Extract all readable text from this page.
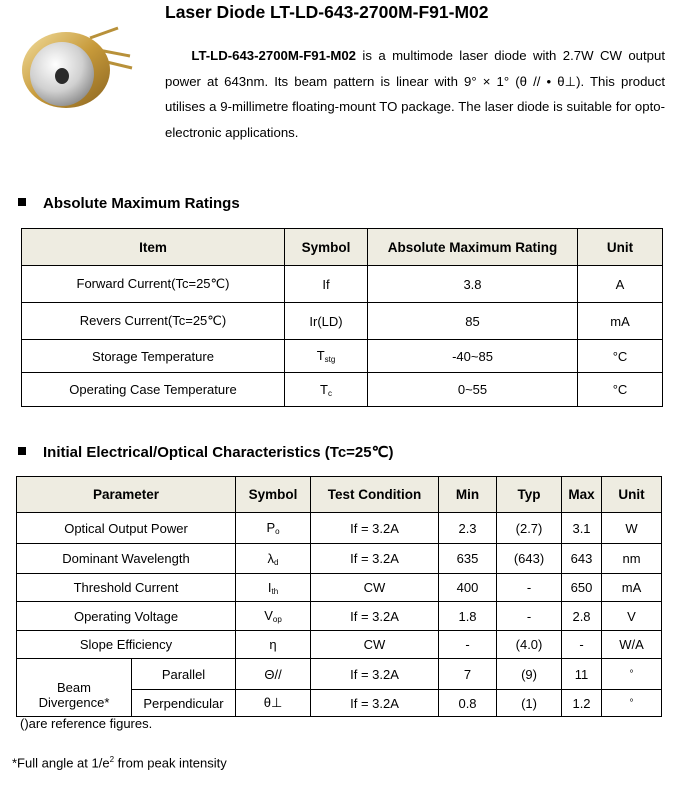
Laser Diode LT-LD-643-2700M-F91-M02
  LT-LD-643-2700M-F91-M02 is a multimode laser diode with 2.7W CW output power at 643nm. Its beam pattern is linear with 9° × 1° (θ // • θ⊥). This product utilises a 9-millimetre floating-mount TO package. The laser diode is suitable for opto-electronic applications.
Absolute Maximum Ratings
Item	Symbol	Absolute Maximum Rating	Unit
Forward Current(Tc=25℃)	If	3.8	A
Revers Current(Tc=25℃)	Ir(LD)	85	mA
Storage Temperature	$T_{stg}$	-40~85	°C
Operating Case Temperature	$T_c$	0~55	°C
Initial Electrical/Optical Characteristics (Tc=25℃)
Parameter		Symbol	Test Condition	Min	Typ	Max	Unit
Optical Output Power		$P_o$	If = 3.2A	2.3	(2.7)	3.1	W
Dominant Wavelength		$\lambda_d$	If = 3.2A	635	(643)	643	nm
Threshold Current		$I_{th}$	CW	400	-	650	mA
Operating Voltage		$V_{op}$	If = 3.2A	1.8	-	2.8	V
Slope Efficiency		η	CW	-	(4.0)	-	W/A
Beam
Divergence*	Parallel	Θ//	If = 3.2A	7	(9)	11	°
	Perpendicular	θ⊥	If = 3.2A	0.8	(1)	1.2	°
()are reference figures.
*Full angle at $1/e^2$ from peak intensity
